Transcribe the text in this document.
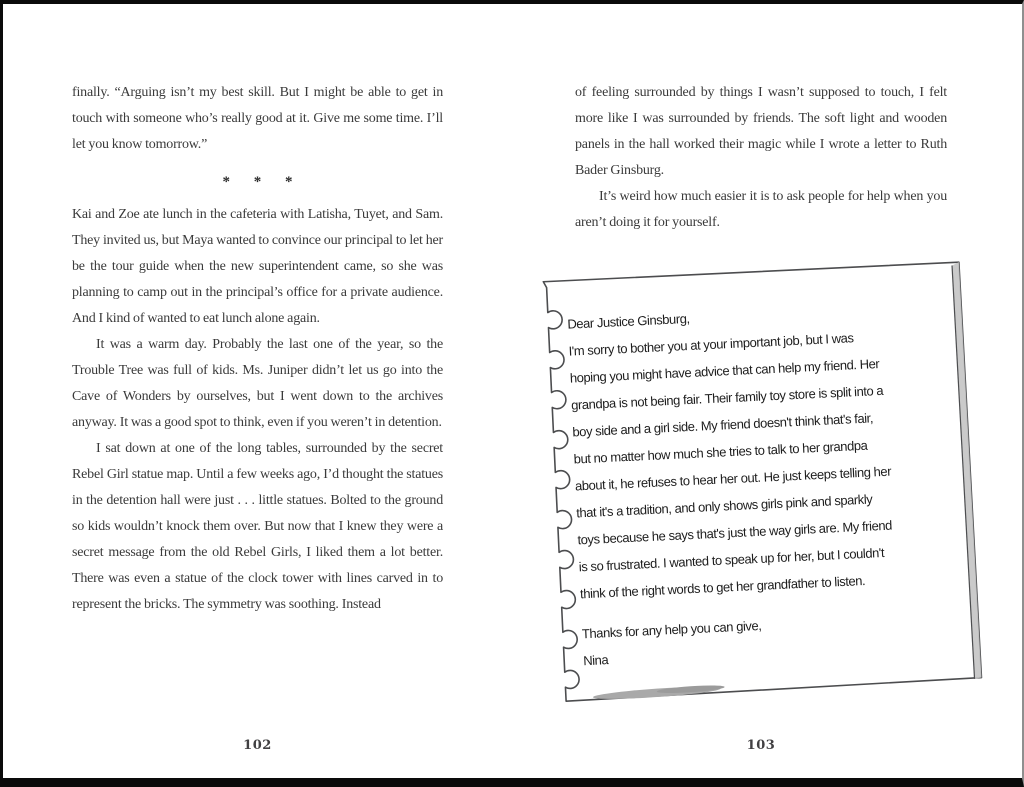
finally. “Arguing isn’t my best skill. But I might be able to get in touch with someone who’s really good at it. Give me some time. I’ll let you know tomorrow.”

* * *

Kai and Zoe ate lunch in the cafeteria with Latisha, Tuyet, and Sam. They invited us, but Maya wanted to convince our principal to let her be the tour guide when the new superintendent came, so she was planning to camp out in the principal’s office for a private audience. And I kind of wanted to eat lunch alone again.

It was a warm day. Probably the last one of the year, so the Trouble Tree was full of kids. Ms. Juniper didn’t let us go into the Cave of Wonders by ourselves, but I went down to the archives anyway. It was a good spot to think, even if you weren’t in detention.

I sat down at one of the long tables, surrounded by the secret Rebel Girl statue map. Until a few weeks ago, I’d thought the statues in the detention hall were just . . . little statues. Bolted to the ground so kids wouldn’t knock them over. But now that I knew they were a secret message from the old Rebel Girls, I liked them a lot better. There was even a statue of the clock tower with lines carved in to represent the bricks. The symmetry was soothing. Instead

102

of feeling surrounded by things I wasn’t supposed to touch, I felt more like I was surrounded by friends. The soft light and wooden panels in the hall worked their magic while I wrote a letter to Ruth Bader Ginsburg.

It’s weird how much easier it is to ask people for help when you aren’t doing it for yourself.

103
Dear Justice Ginsburg,
I'm sorry to bother you at your important job, but I was
hoping you might have advice that can help my friend. Her
grandpa is not being fair. Their family toy store is split into a
boy side and a girl side. My friend doesn't think that's fair,
but no matter how much she tries to talk to her grandpa
about it, he refuses to hear her out. He just keeps telling her
that it's a tradition, and only shows girls pink and sparkly
toys because he says that's just the way girls are. My friend
is so frustrated. I wanted to speak up for her, but I couldn't
think of the right words to get her grandfather to listen.
Thanks for any help you can give,
Nina
